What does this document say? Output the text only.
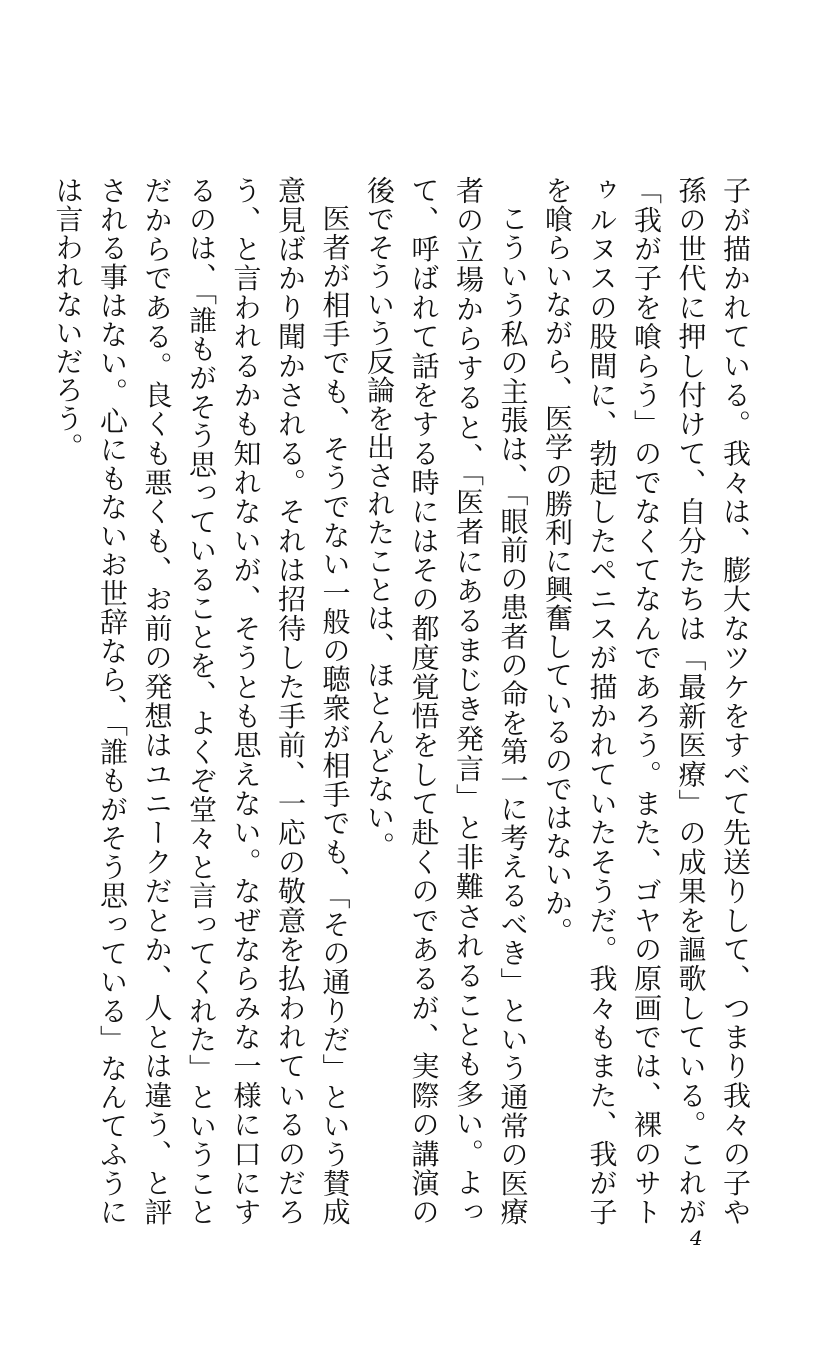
子が描かれている。我々は、膨大なツケをすべて先送りして、つまり我々の子や孫の世代に押し付けて、自分たちは「最新医療」の成果を謳歌している。これが「我が子を喰らう」のでなくてなんであろう。また、ゴヤの原画では、裸のサトゥルヌスの股間に、勃起したペニスが描かれていたそうだ。我々もまた、我が子を喰らいながら、医学の勝利に興奮しているのではないか。

こういう私の主張は、「眼前の患者の命を第一に考えるべき」という通常の医療者の立場からすると、「医者にあるまじき発言」と非難されることも多い。よって、呼ばれて話をする時にはその都度覚悟をして赴くのであるが、実際の講演の後でそういう反論を出されたことは、ほとんどない。

医者が相手でも、そうでない一般の聴衆が相手でも、「その通りだ」という賛成意見ばかり聞かされる。それは招待した手前、一応の敬意を払われているのだろう、と言われるかも知れないが、そうとも思えない。なぜならみな一様に口にするのは、「誰もがそう思っていることを、よくぞ堂々と言ってくれた」ということだからである。良くも悪くも、お前の発想はユニークだとか、人とは違う、と評される事はない。心にもないお世辞なら、「誰もがそう思っている」なんてふうには言われないだろう。

4
